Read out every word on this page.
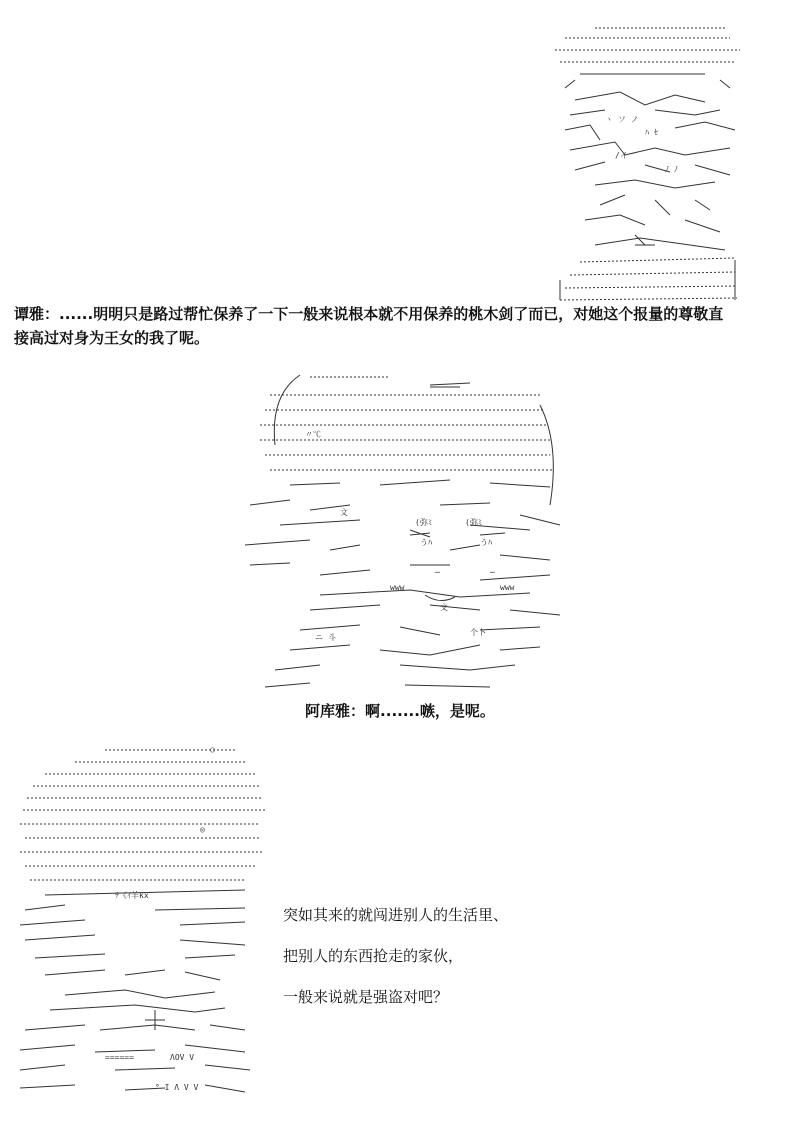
ヽ ソ ノ
ﾊ ｾ
/イ
ﾉ ﾉ

谭雅：......明明只是路过帮忙保养了一下一般来说根本就不用保养的桃木剑了而已，对她这个报量的尊敬直
接高过对身为王女的我了呢。

〃℃
文
(弥ﾐ	(弥ﾐ
うﾊ	うﾊ
─	─
www	www
文
个卜
ニ 斗

阿库雅：啊.......嗾，是呢。

○
◎
ﾃ《ｲ羊kx
======	ΛOV V
° I Λ V V
突如其来的就闯进别人的生活里、
把别人的东西抢走的家伙，
一般来说就是强盗对吧？
